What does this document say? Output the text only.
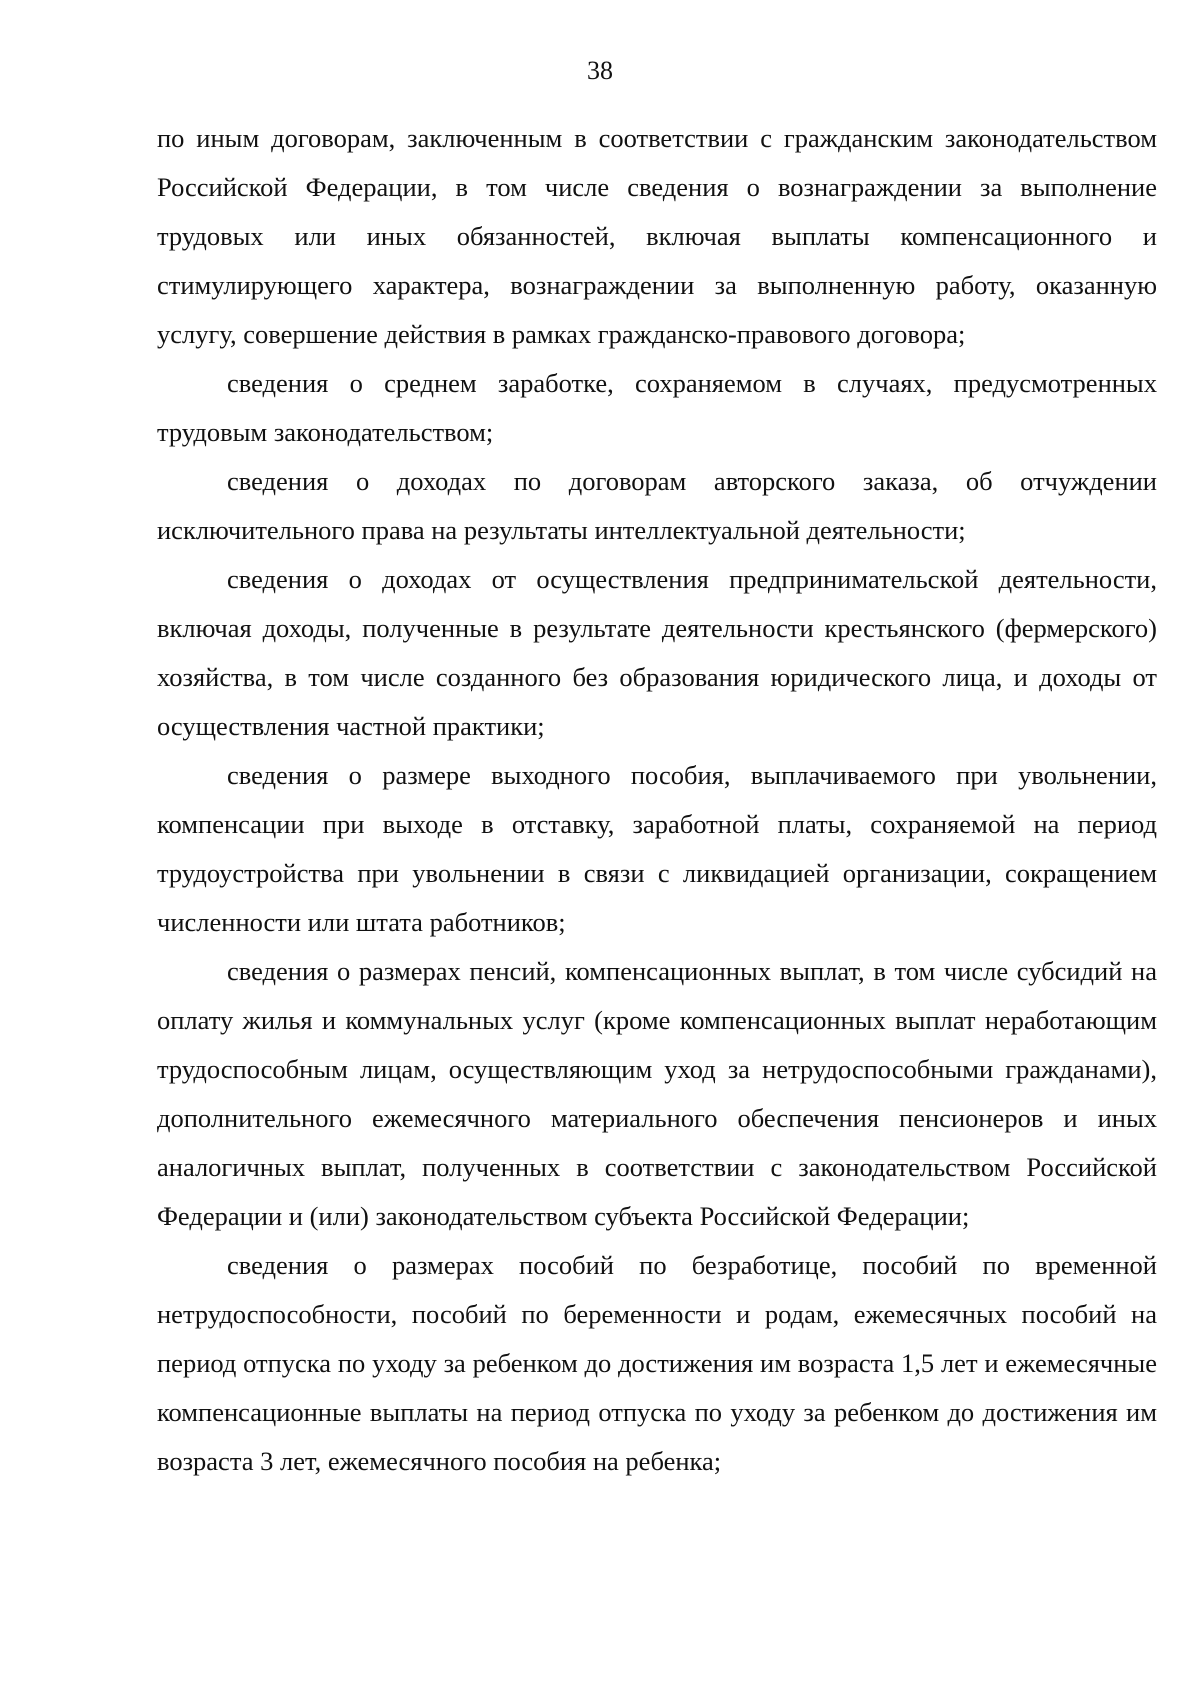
38

по иным договорам, заключенным в соответствии с гражданским законодательством Российской Федерации, в том числе сведения о вознаграждении за выполнение трудовых или иных обязанностей, включая выплаты компенсационного и стимулирующего характера, вознаграждении за выполненную работу, оказанную услугу, совершение действия в рамках гражданско-правового договора;

сведения о среднем заработке, сохраняемом в случаях, предусмотренных трудовым законодательством;

сведения о доходах по договорам авторского заказа, об отчуждении исключительного права на результаты интеллектуальной деятельности;

сведения о доходах от осуществления предпринимательской деятельности, включая доходы, полученные в результате деятельности крестьянского (фермерского) хозяйства, в том числе созданного без образования юридического лица, и доходы от осуществления частной практики;

сведения о размере выходного пособия, выплачиваемого при увольнении, компенсации при выходе в отставку, заработной платы, сохраняемой на период трудоустройства при увольнении в связи с ликвидацией организации, сокращением численности или штата работников;

сведения о размерах пенсий, компенсационных выплат, в том числе субсидий на оплату жилья и коммунальных услуг (кроме компенсационных выплат неработающим трудоспособным лицам, осуществляющим уход за нетрудоспособными гражданами), дополнительного ежемесячного материального обеспечения пенсионеров и иных аналогичных выплат, полученных в соответствии с законодательством Российской Федерации и (или) законодательством субъекта Российской Федерации;

сведения о размерах пособий по безработице, пособий по временной нетрудоспособности, пособий по беременности и родам, ежемесячных пособий на период отпуска по уходу за ребенком до достижения им возраста 1,5 лет и ежемесячные компенсационные выплаты на период отпуска по уходу за ребенком до достижения им возраста 3 лет, ежемесячного пособия на ребенка;
